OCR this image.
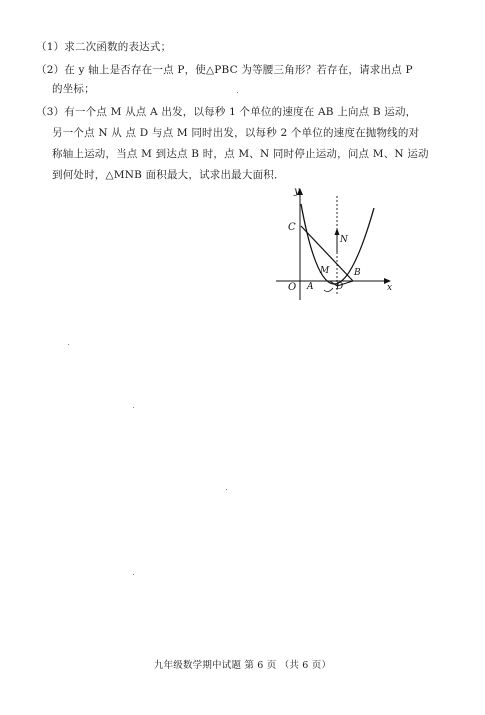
（1）求二次函数的表达式；
（2）在 y 轴上是否存在一点 P，使△PBC 为等腰三角形？若存在，请求出点 P
的坐标；
（3）有一个点 M 从点 A 出发，以每秒 1 个单位的速度在 AB 上向点 B 运动，
另一个点 N 从 点 D 与点 M 同时出发，以每秒 2 个单位的速度在抛物线的对
称轴上运动，当点 M 到达点 B 时，点 M、N 同时停止运动，问点 M、N 运动
到何处时，△MNB 面积最大，试求出最大面积．
y
x
O A
B
C
D
M
N
九年级数学期中试题 第 6 页 （共 6 页）
